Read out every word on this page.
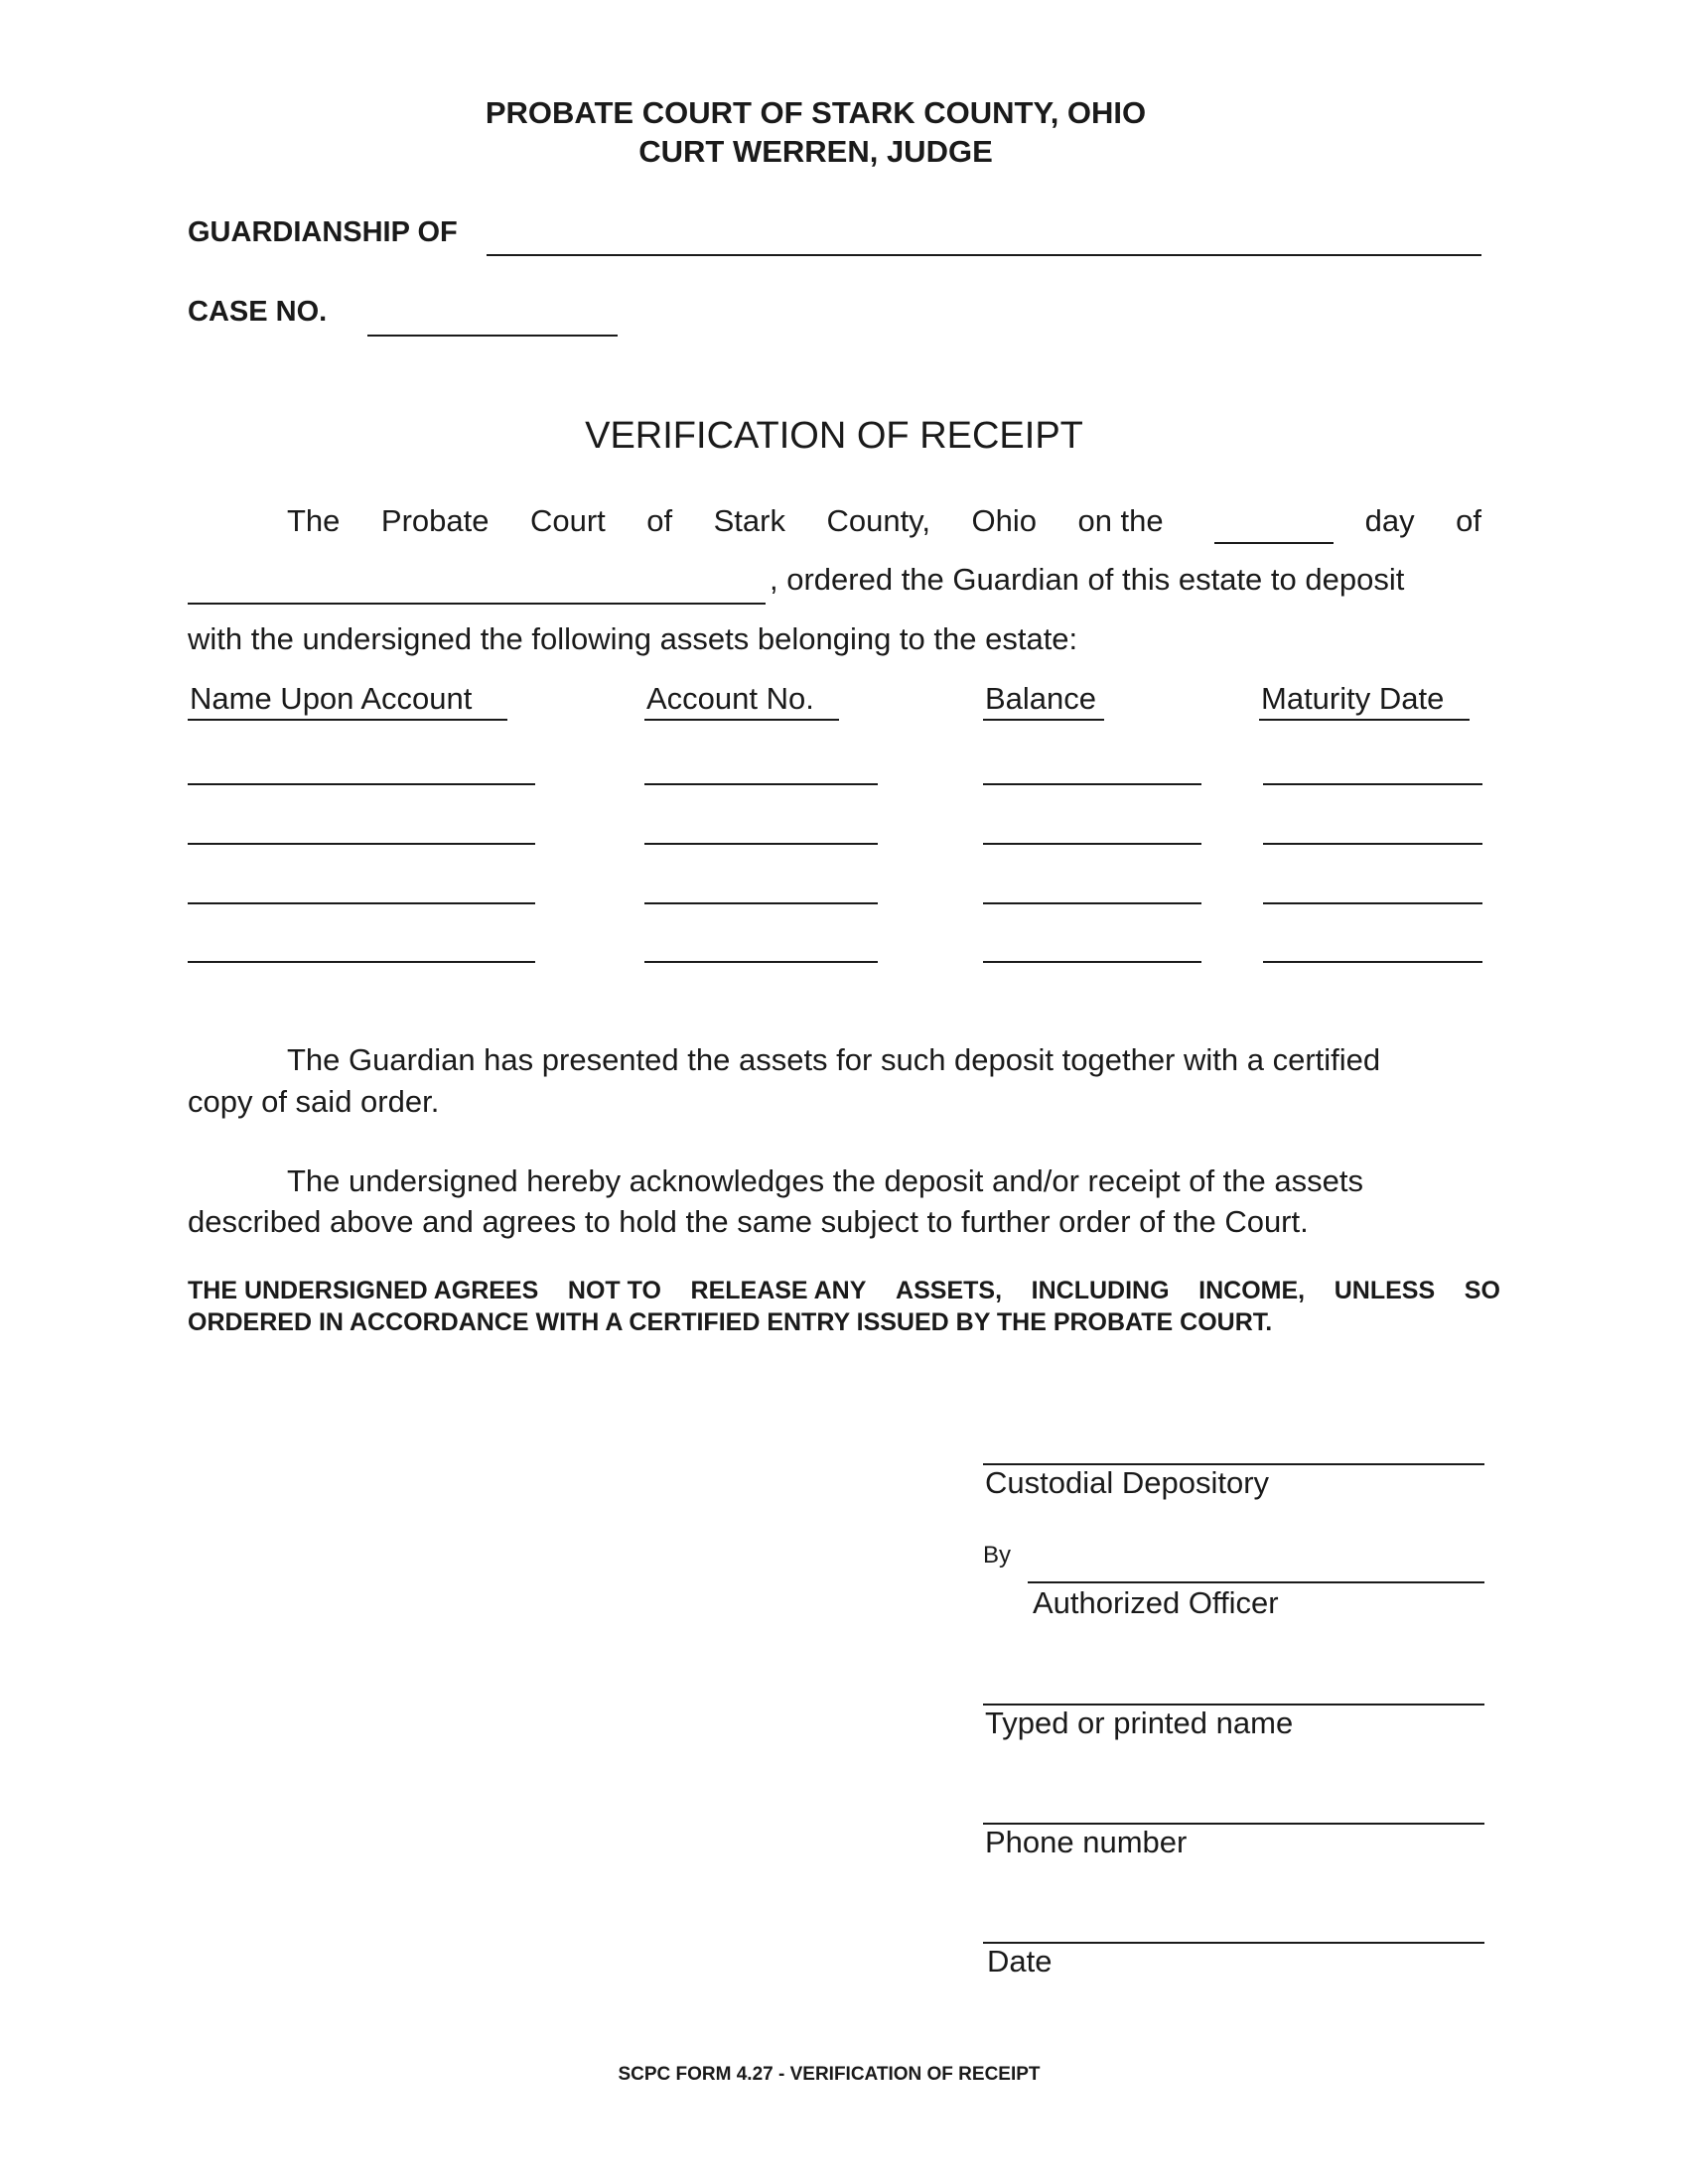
PROBATE COURT OF STARK COUNTY, OHIO
CURT WERREN, JUDGE
GUARDIANSHIP OF
CASE NO.
VERIFICATION OF RECEIPT
The Probate Court of Stark County, Ohio on the	day of
, ordered the Guardian of this estate to deposit
with the undersigned the following assets belonging to the estate:
Name Upon Account	Account No.	Balance	Maturity Date
The Guardian has presented the assets for such deposit together with a certified
copy of said order.
The undersigned hereby acknowledges the deposit and/or receipt of the assets
described above and agrees to hold the same subject to further order of the Court.
THE UNDERSIGNED AGREES NOT TO RELEASE ANY ASSETS, INCLUDING INCOME, UNLESS SO
ORDERED IN ACCORDANCE WITH A CERTIFIED ENTRY ISSUED BY THE PROBATE COURT.
Custodial Depository
By
Authorized Officer
Typed or printed name
Phone number
Date
SCPC FORM 4.27 - VERIFICATION OF RECEIPT
